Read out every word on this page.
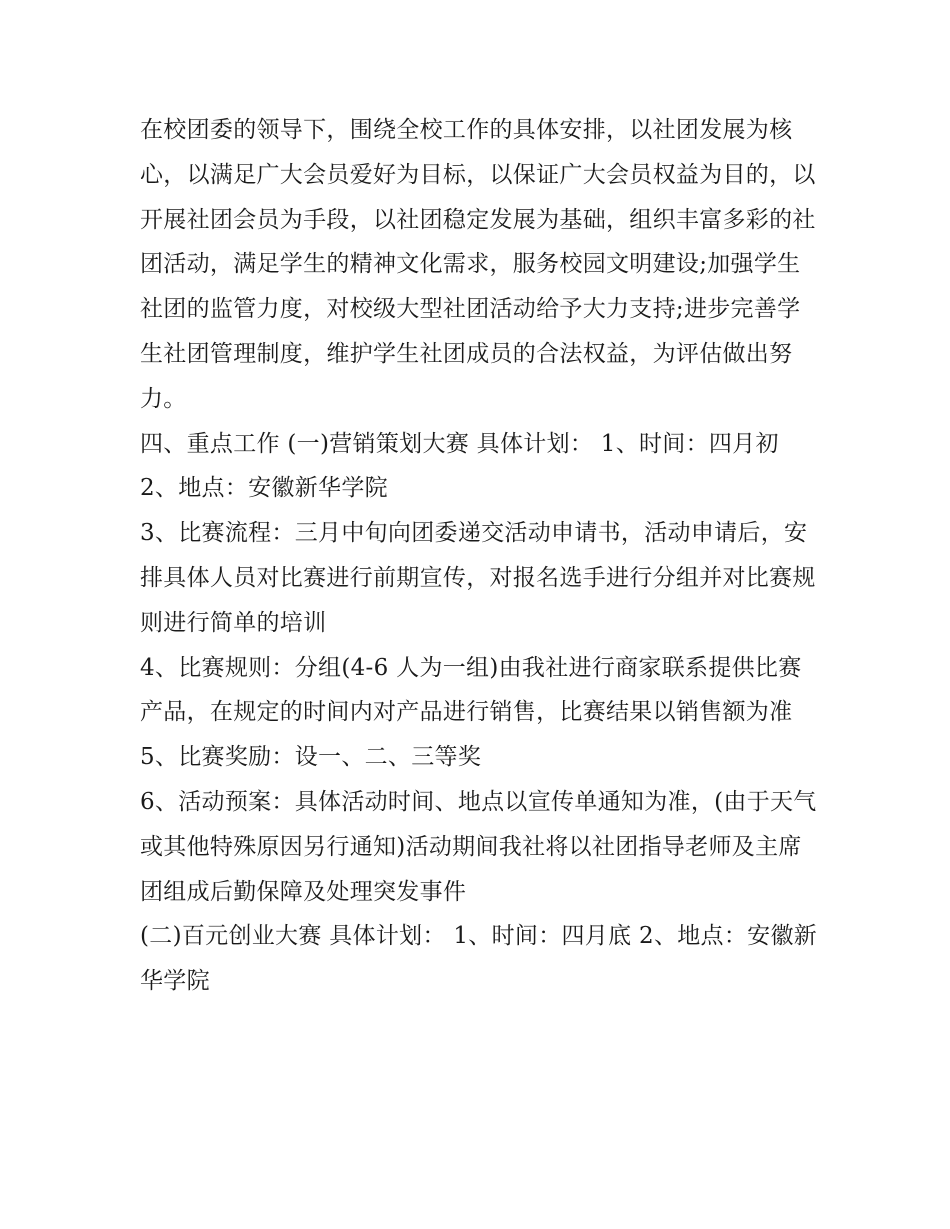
在校团委的领导下，围绕全校工作的具体安排，以社团发展为核心，以满足广大会员爱好为目标，以保证广大会员权益为目的，以开展社团会员为手段，以社团稳定发展为基础，组织丰富多彩的社团活动，满足学生的精神文化需求，服务校园文明建设;加强学生社团的监管力度，对校级大型社团活动给予大力支持;进步完善学生社团管理制度，维护学生社团成员的合法权益，为评估做出努力。

四、重点工作 (一)营销策划大赛 具体计划： 1、时间：四月初

2、地点：安徽新华学院

3、比赛流程：三月中旬向团委递交活动申请书，活动申请后，安排具体人员对比赛进行前期宣传，对报名选手进行分组并对比赛规则进行简单的培训

4、比赛规则：分组(4-6 人为一组)由我社进行商家联系提供比赛产品，在规定的时间内对产品进行销售，比赛结果以销售额为准 5、比赛奖励：设一、二、三等奖

6、活动预案：具体活动时间、地点以宣传单通知为准，(由于天气或其他特殊原因另行通知)活动期间我社将以社团指导老师及主席团组成后勤保障及处理突发事件

(二)百元创业大赛 具体计划： 1、时间：四月底 2、地点：安徽新华学院
